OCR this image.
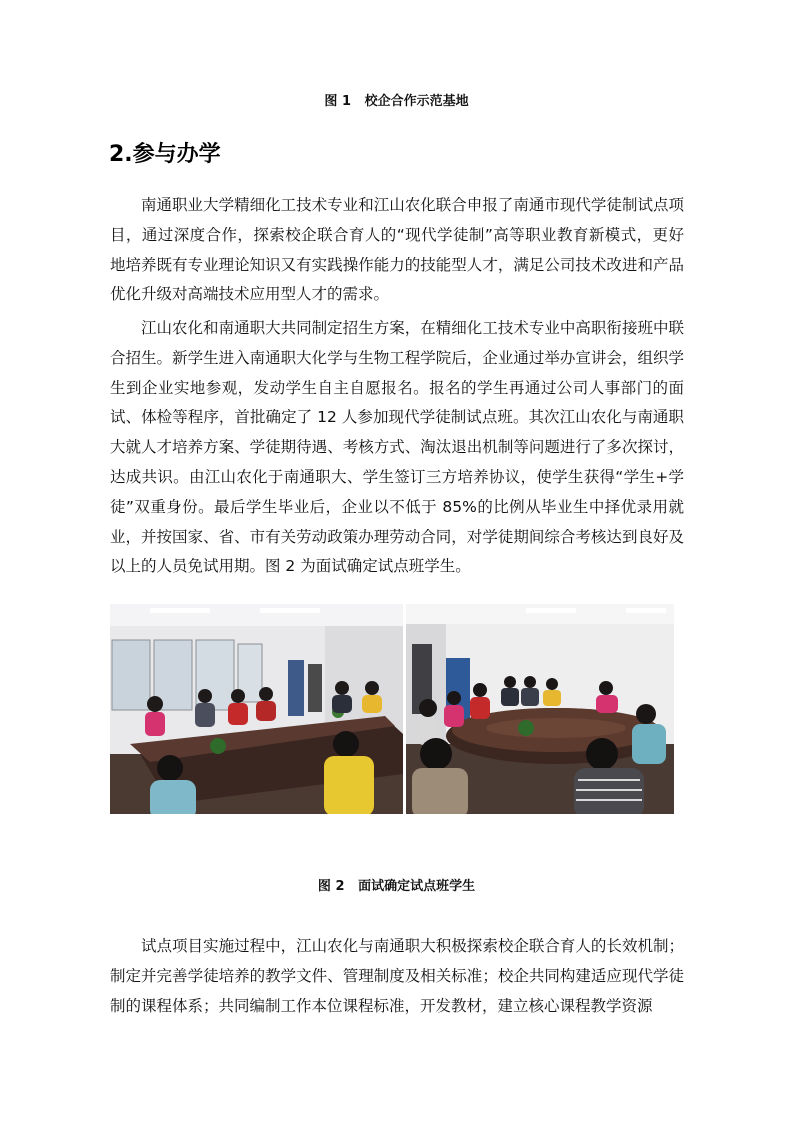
图 1   校企合作示范基地
2.参与办学

南通职业大学精细化工技术专业和江山农化联合申报了南通市现代学徒制试点项目，通过深度合作，探索校企联合育人的“现代学徒制”高等职业教育新模式，更好地培养既有专业理论知识又有实践操作能力的技能型人才，满足公司技术改进和产品优化升级对高端技术应用型人才的需求。

江山农化和南通职大共同制定招生方案，在精细化工技术专业中高职衔接班中联合招生。新学生进入南通职大化学与生物工程学院后，企业通过举办宣讲会，组织学生到企业实地参观，发动学生自主自愿报名。报名的学生再通过公司人事部门的面试、体检等程序，首批确定了 12 人参加现代学徒制试点班。其次江山农化与南通职大就人才培养方案、学徒期待遇、考核方式、淘汰退出机制等问题进行了多次探讨，达成共识。由江山农化于南通职大、学生签订三方培养协议，使学生获得“学生+学徒”双重身份。最后学生毕业后，企业以不低于 85%的比例从毕业生中择优录用就业，并按国家、省、市有关劳动政策办理劳动合同，对学徒期间综合考核达到良好及以上的人员免试用期。图 2 为面试确定试点班学生。

图 2   面试确定试点班学生

试点项目实施过程中，江山农化与南通职大积极探索校企联合育人的长效机制；制定并完善学徒培养的教学文件、管理制度及相关标准；校企共同构建适应现代学徒制的课程体系；共同编制工作本位课程标准，开发教材，建立核心课程教学资源
